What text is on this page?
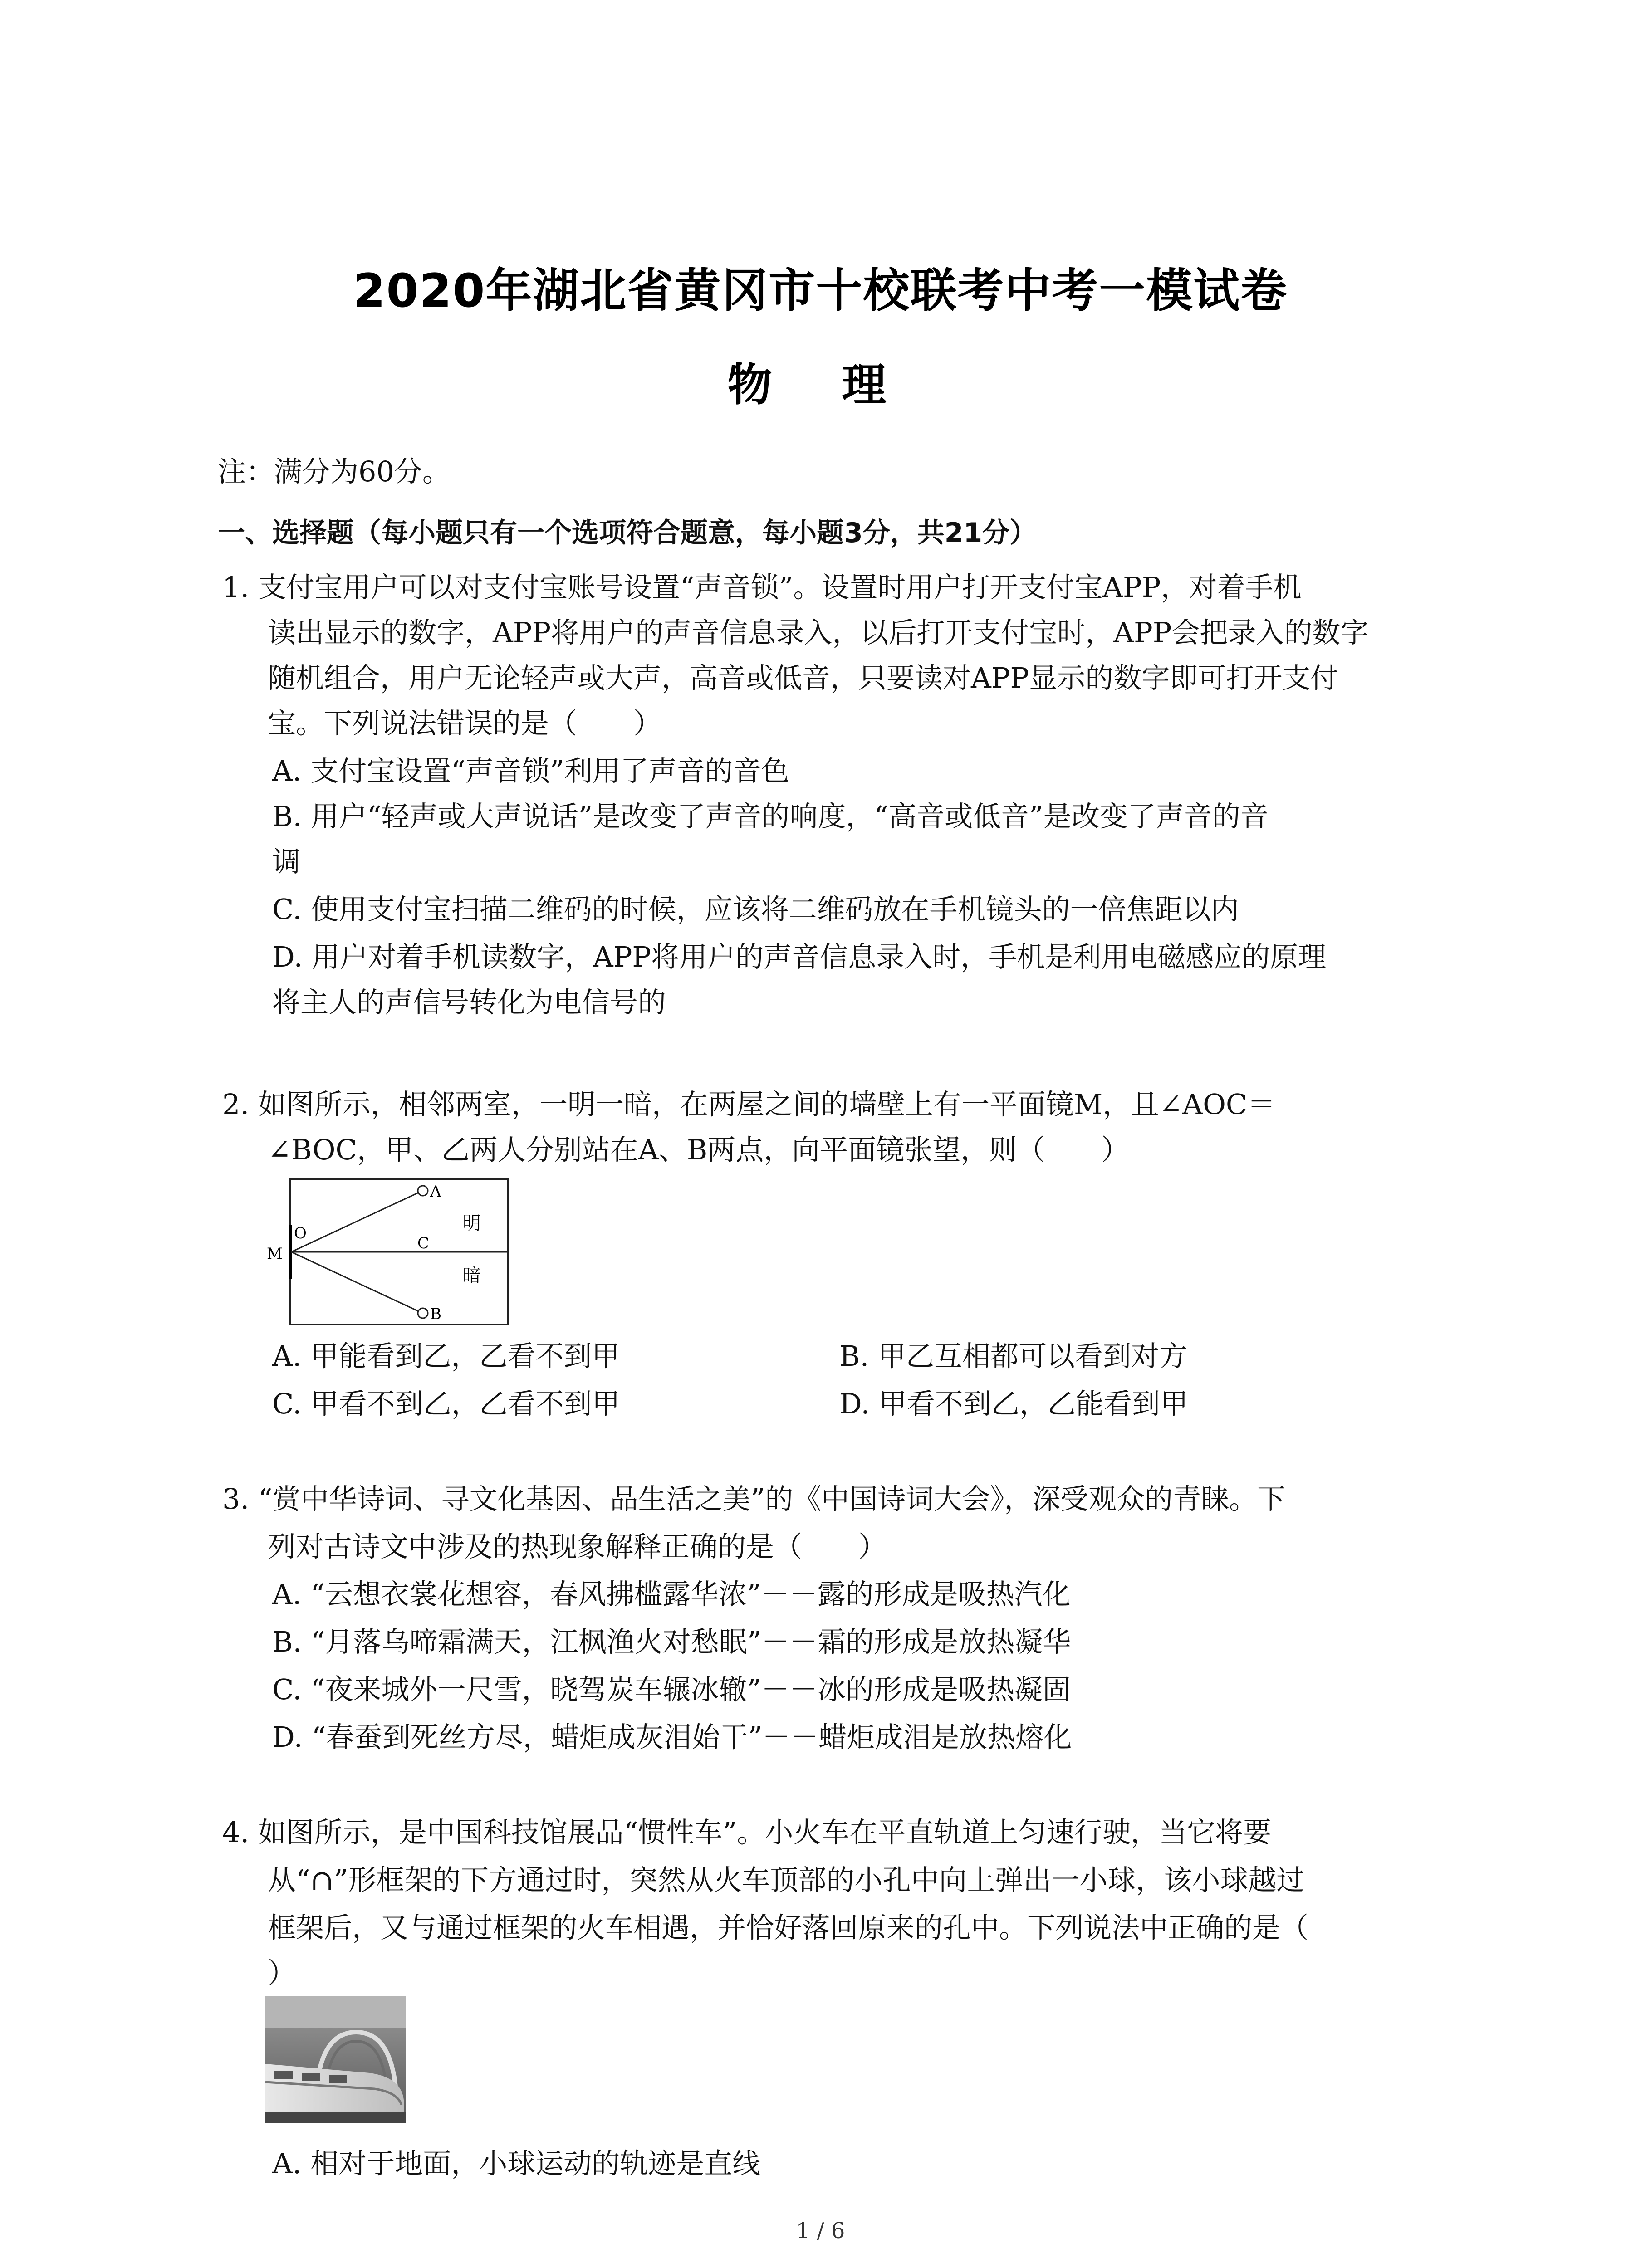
2020年湖北省黄冈市十校联考中考一模试卷
物 理
注：满分为60分。
一、选择题（每小题只有一个选项符合题意，每小题3分，共21分）
1. 支付宝用户可以对支付宝账号设置“声音锁”。设置时用户打开支付宝APP，对着手机
读出显示的数字，APP将用户的声音信息录入，以后打开支付宝时，APP会把录入的数字
随机组合，用户无论轻声或大声，高音或低音，只要读对APP显示的数字即可打开支付
宝。下列说法错误的是（　　）
A. 支付宝设置“声音锁”利用了声音的音色
B. 用户“轻声或大声说话”是改变了声音的响度，“高音或低音”是改变了声音的音
调
C. 使用支付宝扫描二维码的时候，应该将二维码放在手机镜头的一倍焦距以内
D. 用户对着手机读数字，APP将用户的声音信息录入时，手机是利用电磁感应的原理
将主人的声信号转化为电信号的
2. 如图所示，相邻两室，一明一暗，在两屋之间的墙壁上有一平面镜M，且∠AOC＝
∠BOC，甲、乙两人分别站在A、B两点，向平面镜张望，则（　　）
A
B
C
O
M
明
暗
A. 甲能看到乙，乙看不到甲	B. 甲乙互相都可以看到对方
C. 甲看不到乙，乙看不到甲	D. 甲看不到乙，乙能看到甲
3. “赏中华诗词、寻文化基因、品生活之美”的《中国诗词大会》，深受观众的青睐。下
列对古诗文中涉及的热现象解释正确的是（　　）
A. “云想衣裳花想容，春风拂槛露华浓”－－露的形成是吸热汽化
B. “月落乌啼霜满天，江枫渔火对愁眠”－－霜的形成是放热凝华
C. “夜来城外一尺雪，晓驾炭车辗冰辙”－－冰的形成是吸热凝固
D. “春蚕到死丝方尽，蜡炬成灰泪始干”－－蜡炬成泪是放热熔化
4. 如图所示，是中国科技馆展品“惯性车”。小火车在平直轨道上匀速行驶，当它将要
从“∩”形框架的下方通过时，突然从火车顶部的小孔中向上弹出一小球，该小球越过
框架后，又与通过框架的火车相遇，并恰好落回原来的孔中。下列说法中正确的是（
）
A. 相对于地面，小球运动的轨迹是直线
1 / 6
